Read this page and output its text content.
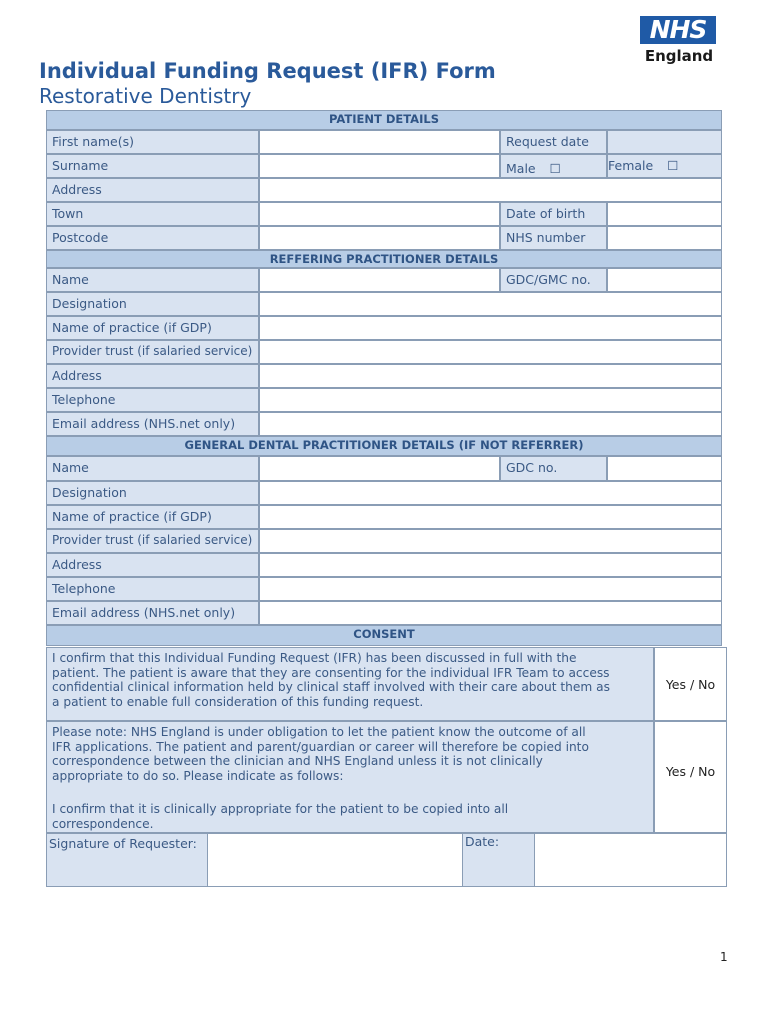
NHS
England
Individual Funding Request (IFR) Form
Restorative Dentistry
PATIENT DETAILS
First name(s)	Request date
Surname	Male ☐	Female ☐
Address
Town	Date of birth
Postcode	NHS number
REFFERING PRACTITIONER DETAILS
Name	GDC/GMC no.
Designation
Name of practice (if GDP)
Provider trust (if salaried service)
Address
Telephone
Email address (NHS.net only)
GENERAL DENTAL PRACTITIONER DETAILS (IF NOT REFERRER)
Name	GDC no.
Designation
Name of practice (if GDP)
Provider trust (if salaried service)
Address
Telephone
Email address (NHS.net only)
CONSENT
I confirm that this Individual Funding Request (IFR) has been discussed in full with the
patient. The patient is aware that they are consenting for the individual IFR Team to access
confidential clinical information held by clinical staff involved with their care about them as
a patient to enable full consideration of this funding request.
Yes / No
Please note: NHS England is under obligation to let the patient know the outcome of all
IFR applications. The patient and parent/guardian or career will therefore be copied into
correspondence between the clinician and NHS England unless it is not clinically
appropriate to do so. Please indicate as follows:
I confirm that it is clinically appropriate for the patient to be copied into all
correspondence.
Yes / No
Signature of Requester:	Date:
1
